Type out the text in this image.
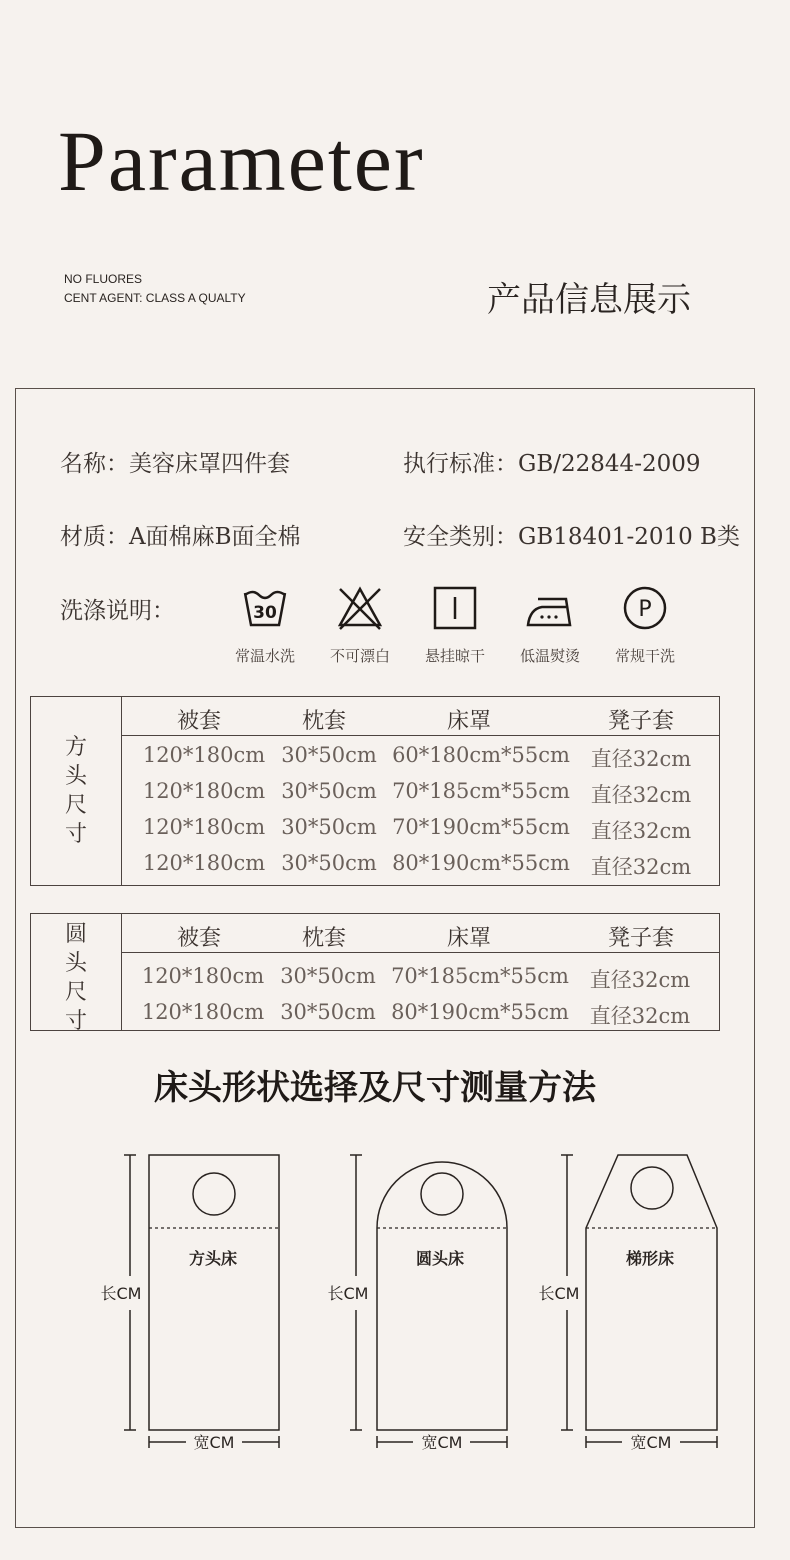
Parameter
NO FLUORES
CENT AGENT: CLASS A QUALTY	产品信息展示
名称：美容床罩四件套	执行标准：GB/22844-2009
材质：A面棉麻B面全棉	安全类别：GB18401-2010 B类
洗涤说明：	30
常温水洗	不可漂白	悬挂晾干	低温熨烫
P
常规干洗
方
头
尺
寸
被套	枕套	床罩	凳子套
120*180cm 30*50cm 60*180cm*55cm 直径32cm
120*180cm 30*50cm 70*185cm*55cm 直径32cm
120*180cm 30*50cm 70*190cm*55cm 直径32cm
120*180cm 30*50cm 80*190cm*55cm 直径32cm
圆
头
尺
寸
被套	枕套	床罩	凳子套
120*180cm 30*50cm 70*185cm*55cm 直径32cm
120*180cm 30*50cm 80*190cm*55cm 直径32cm
床头形状选择及尺寸测量方法
长CM
方头床
宽CM
长CM
圆头床
宽CM
长CM
梯形床
宽CM
